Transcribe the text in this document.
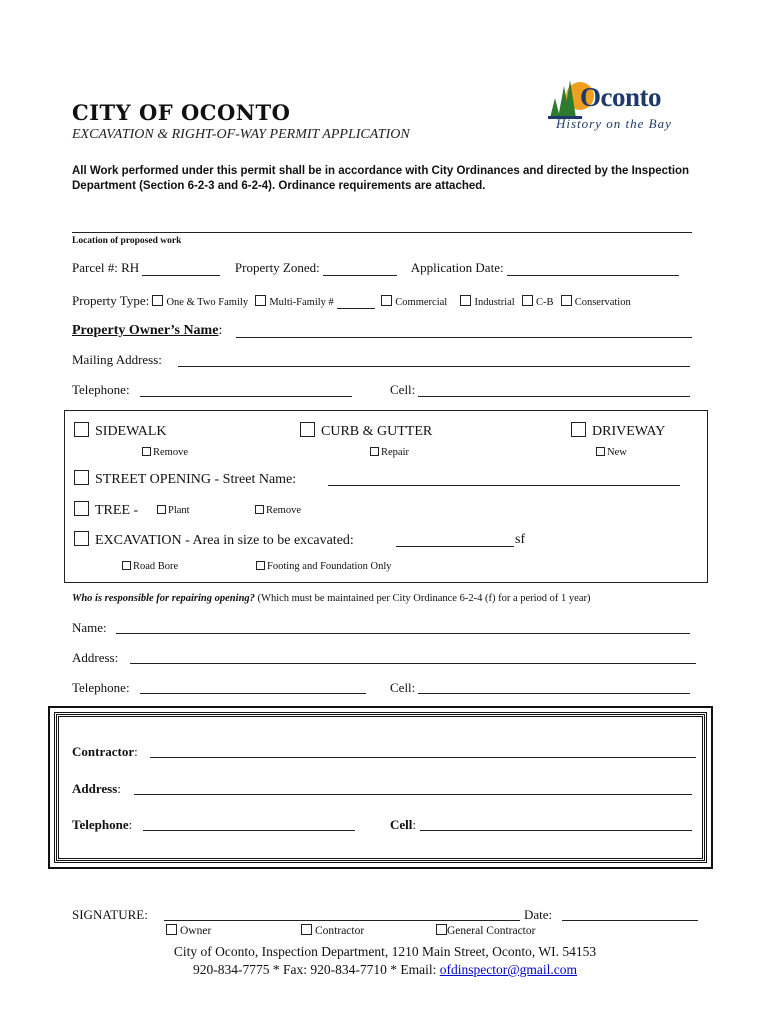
CITY OF OCONTO
EXCAVATION & RIGHT-OF-WAY PERMIT APPLICATION
Oconto
History on the Bay
All Work performed under this permit shall be in accordance with City Ordinances and directed by the Inspection Department (Section 6-2-3 and 6-2-4). Ordinance requirements are attached.
Location of proposed work
Parcel #: RH	Property Zoned:	Application Date:
Property Type: One & Two Family Multi-Family #	Commercial	Industrial C-B Conservation
Property Owner’s Name:
Mailing Address:
Telephone:	Cell:
SIDEWALK
Remove
CURB & GUTTER
Repair
DRIVEWAY
New
STREET OPENING - Street Name:
TREE -	Plant	Remove
EXCAVATION - Area in size to be excavated:	sf
Road Bore	Footing and Foundation Only
Who is responsible for repairing opening? (Which must be maintained per City Ordinance 6-2-4 (f) for a period of 1 year)
Name:
Address:
Telephone:	Cell:
Contractor:
Address:
Telephone:	Cell:
SIGNATURE:	Date:
Owner	Contractor	General Contractor
City of Oconto, Inspection Department, 1210 Main Street, Oconto, WI. 54153
920-834-7775 * Fax: 920-834-7710 * Email: ofdinspector@gmail.com
